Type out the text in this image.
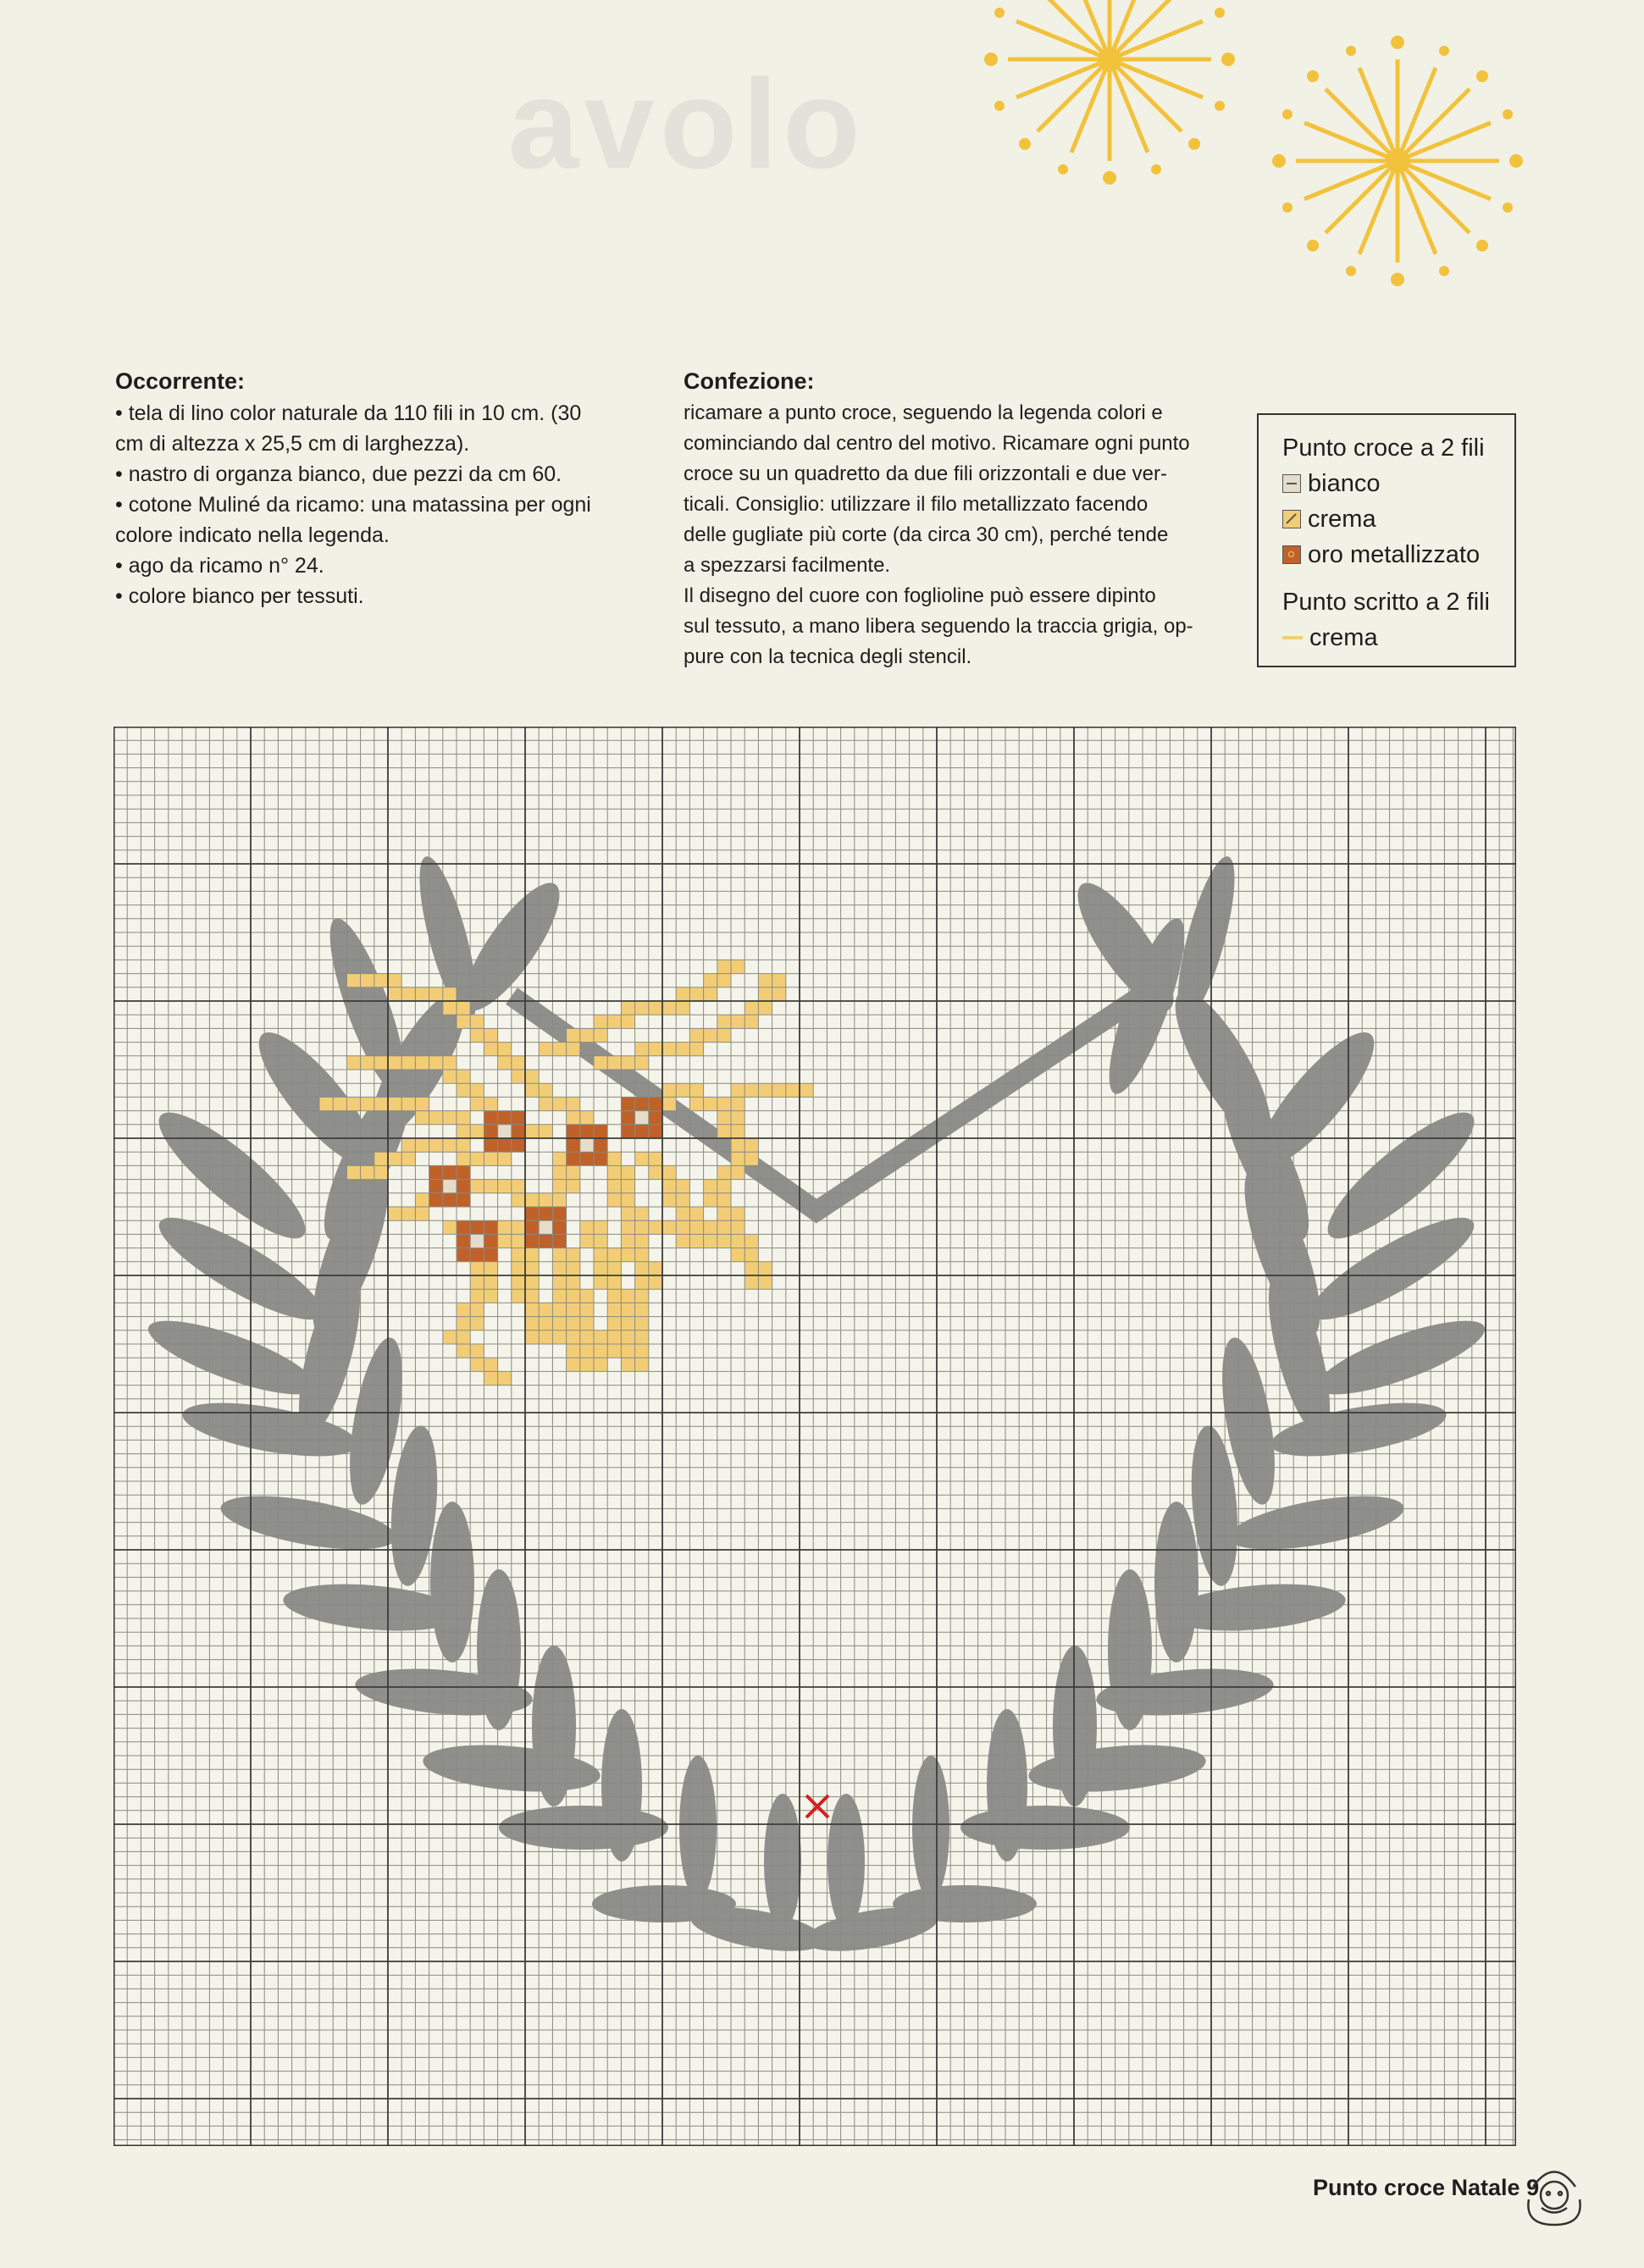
avolo
Occorrente:
• tela di lino color naturale da 110 fili in 10 cm. (30
cm di altezza x 25,5 cm di larghezza).
• nastro di organza bianco, due pezzi da cm 60.
• cotone Muliné da ricamo: una matassina per ogni
colore indicato nella legenda.
• ago da ricamo n° 24.
• colore bianco per tessuti.
Confezione:
ricamare a punto croce, seguendo la legenda colori e
cominciando dal centro del motivo. Ricamare ogni punto
croce su un quadretto da due fili orizzontali e due ver-
ticali. Consiglio: utilizzare il filo metallizzato facendo
delle gugliate più corte (da circa 30 cm), perché tende
a spezzarsi facilmente.
Il disegno del cuore con foglioline può essere dipinto
sul tessuto, a mano libera seguendo la traccia grigia, op-
pure con la tecnica degli stencil.
Punto croce a 2 fili
bianco
crema
oro metallizzato
Punto scritto a 2 fili
crema
Punto croce Natale 9
